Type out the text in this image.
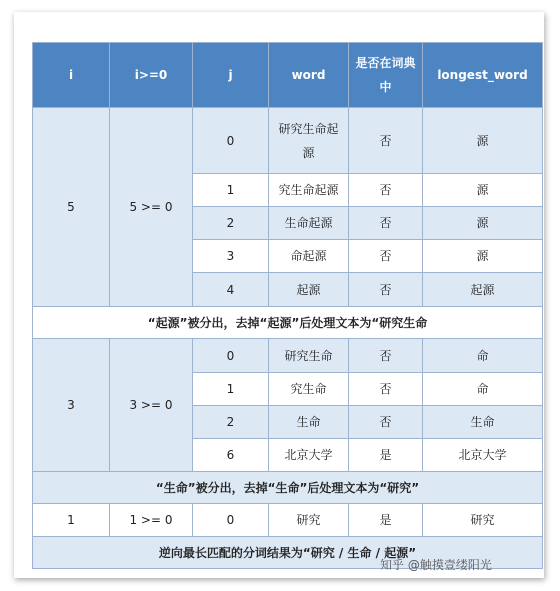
i	i>=0	j	word	是否在词典中	longest_word
5	5 >= 0	0	研究生命起源	否	源
		1	究生命起源	否	源
		2	生命起源	否	源
		3	命起源	否	源
		4	起源	否	起源
“起源”被分出，去掉“起源”后处理文本为“研究生命					
3	3 >= 0	0	研究生命	否	命
		1	究生命	否	命
		2	生命	否	生命
		6	北京大学	是	北京大学
“生命”被分出，去掉“生命”后处理文本为“研究”					
1	1 >= 0	0	研究	是	研究
逆向最长匹配的分词结果为“研究 / 生命 / 起源”					
知乎 @触摸壹缕阳光
